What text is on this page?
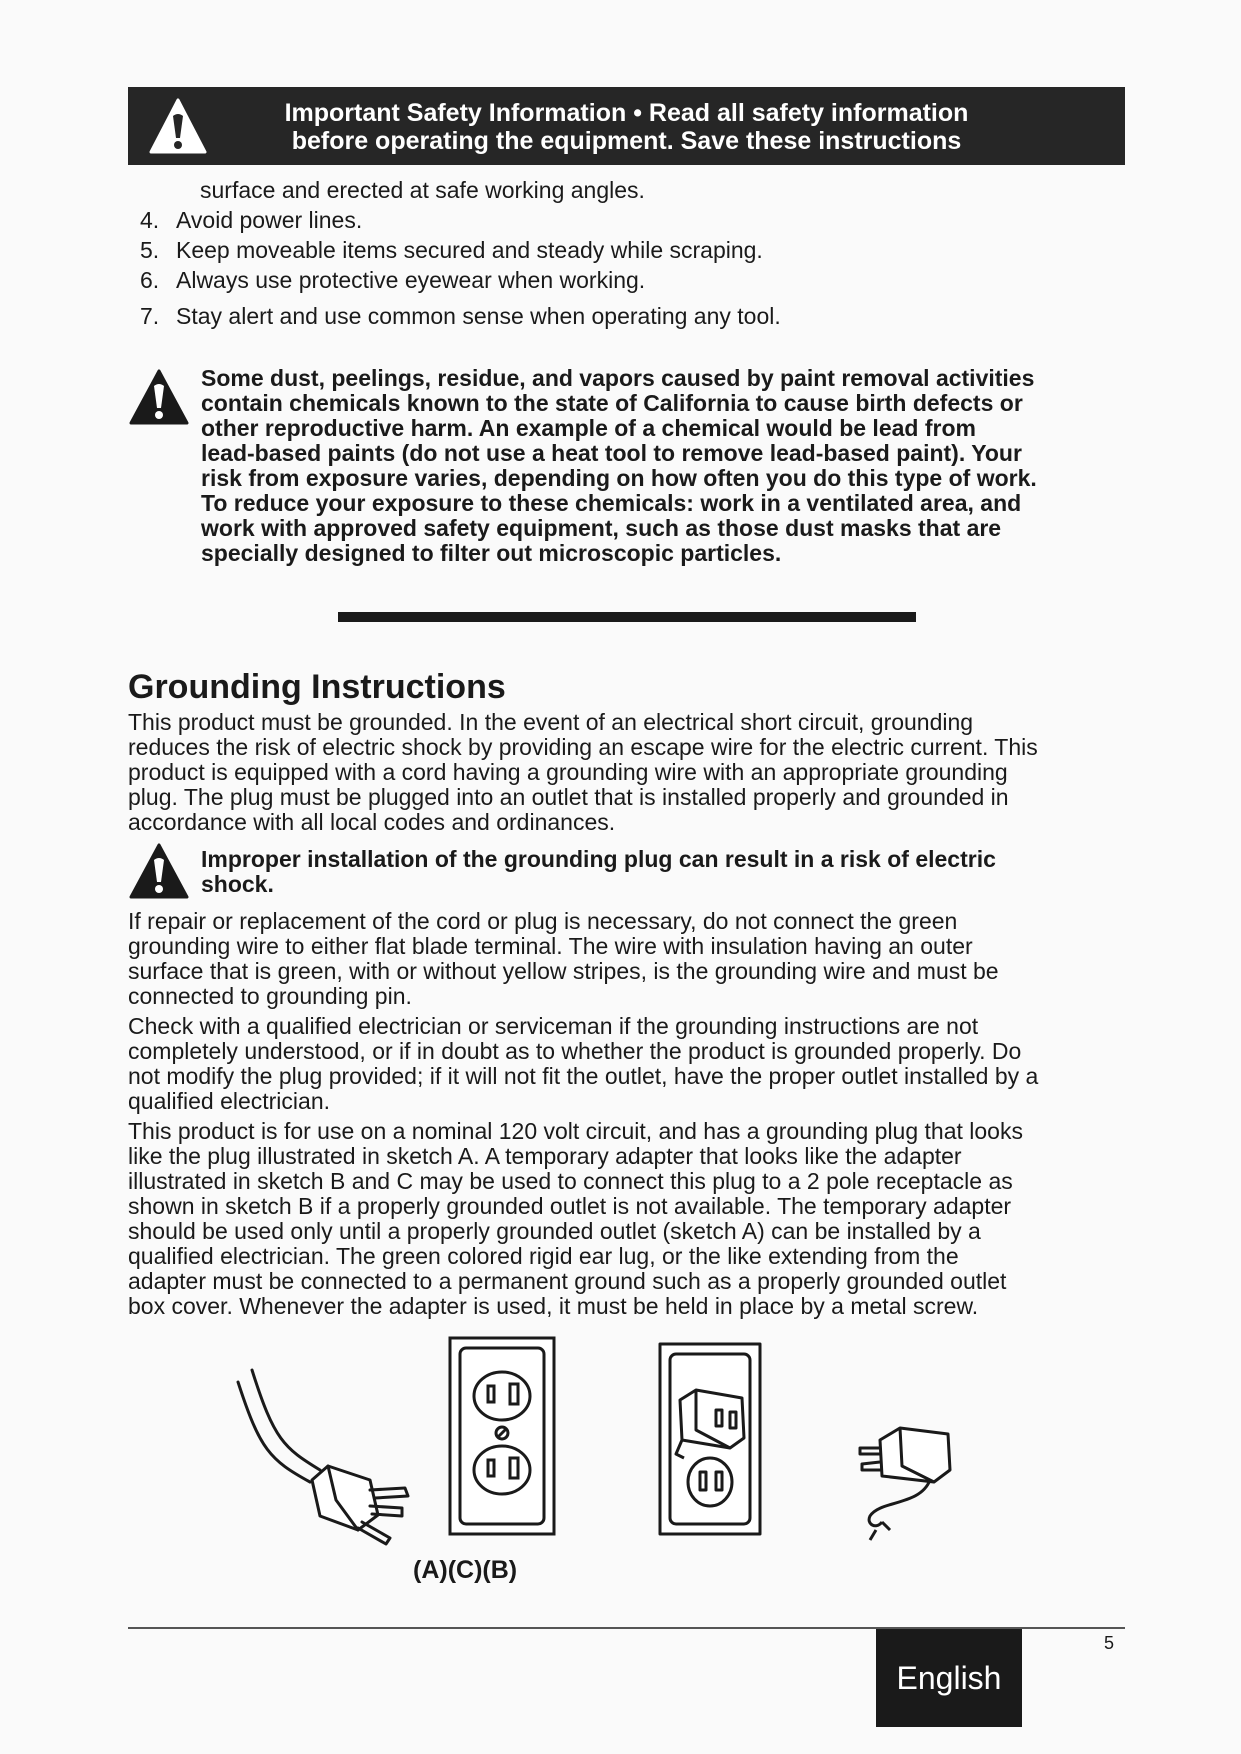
Important Safety Information • Read all safety information
before operating the equipment. Save these instructions
surface and erected at safe working angles.
4. Avoid power lines.
5. Keep moveable items secured and steady while scraping.
6. Always use protective eyewear when working.
7. Stay alert and use common sense when operating any tool.
Some dust, peelings, residue, and vapors caused by paint removal activities
contain chemicals known to the state of California to cause birth defects or
other reproductive harm. An example of a chemical would be lead from
lead-based paints (do not use a heat tool to remove lead-based paint). Your
risk from exposure varies, depending on how often you do this type of work.
To reduce your exposure to these chemicals: work in a ventilated area, and
work with approved safety equipment, such as those dust masks that are
specially designed to filter out microscopic particles.
Grounding Instructions
This product must be grounded. In the event of an electrical short circuit, grounding
reduces the risk of electric shock by providing an escape wire for the electric current. This
product is equipped with a cord having a grounding wire with an appropriate grounding
plug. The plug must be plugged into an outlet that is installed properly and grounded in
accordance with all local codes and ordinances.
Improper installation of the grounding plug can result in a risk of electric
shock.
If repair or replacement of the cord or plug is necessary, do not connect the green
grounding wire to either flat blade terminal. The wire with insulation having an outer
surface that is green, with or without yellow stripes, is the grounding wire and must be
connected to grounding pin.
Check with a qualified electrician or serviceman if the grounding instructions are not
completely understood, or if in doubt as to whether the product is grounded properly. Do
not modify the plug provided; if it will not fit the outlet, have the proper outlet installed by a
qualified electrician.
This product is for use on a nominal 120 volt circuit, and has a grounding plug that looks
like the plug illustrated in sketch A. A temporary adapter that looks like the adapter
illustrated in sketch B and C may be used to connect this plug to a 2 pole receptacle as
shown in sketch B if a properly grounded outlet is not available. The temporary adapter
should be used only until a properly grounded outlet (sketch A) can be installed by a
qualified electrician. The green colored rigid ear lug, or the like extending from the
adapter must be connected to a permanent ground such as a properly grounded outlet
box cover. Whenever the adapter is used, it must be held in place by a metal screw.
(A)(C)(B)
English
5
